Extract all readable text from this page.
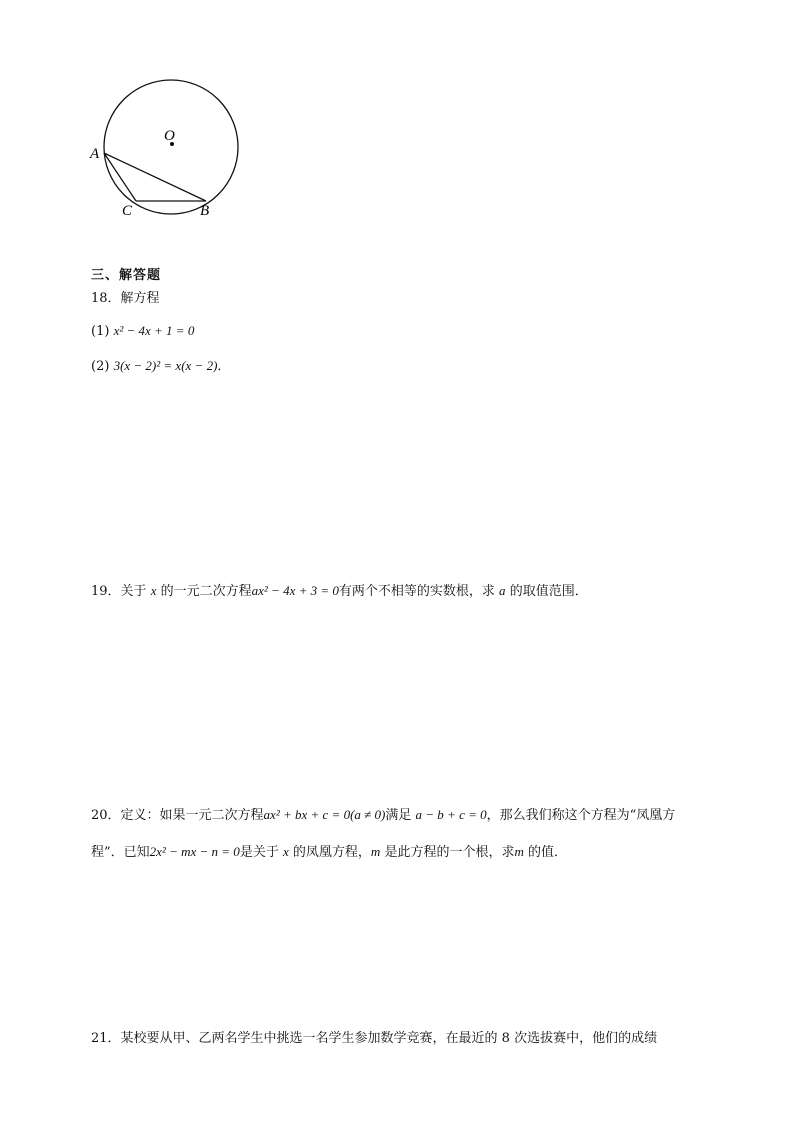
O
A
C	B
三、解答题
18．解方程
(1) x² − 4x + 1 = 0
(2) 3(x − 2)² = x(x − 2)．
19．关于 x 的一元二次方程ax² − 4x + 3 = 0有两个不相等的实数根，求 a 的取值范围．
20．定义：如果一元二次方程ax² + bx + c = 0(a ≠ 0)满足 a − b + c = 0，那么我们称这个方程为“凤凰方
程”．已知2x² − mx − n = 0是关于 x 的凤凰方程，m 是此方程的一个根，求m 的值．
21．某校要从甲、乙两名学生中挑选一名学生参加数学竞赛，在最近的 8 次选拔赛中，他们的成绩
